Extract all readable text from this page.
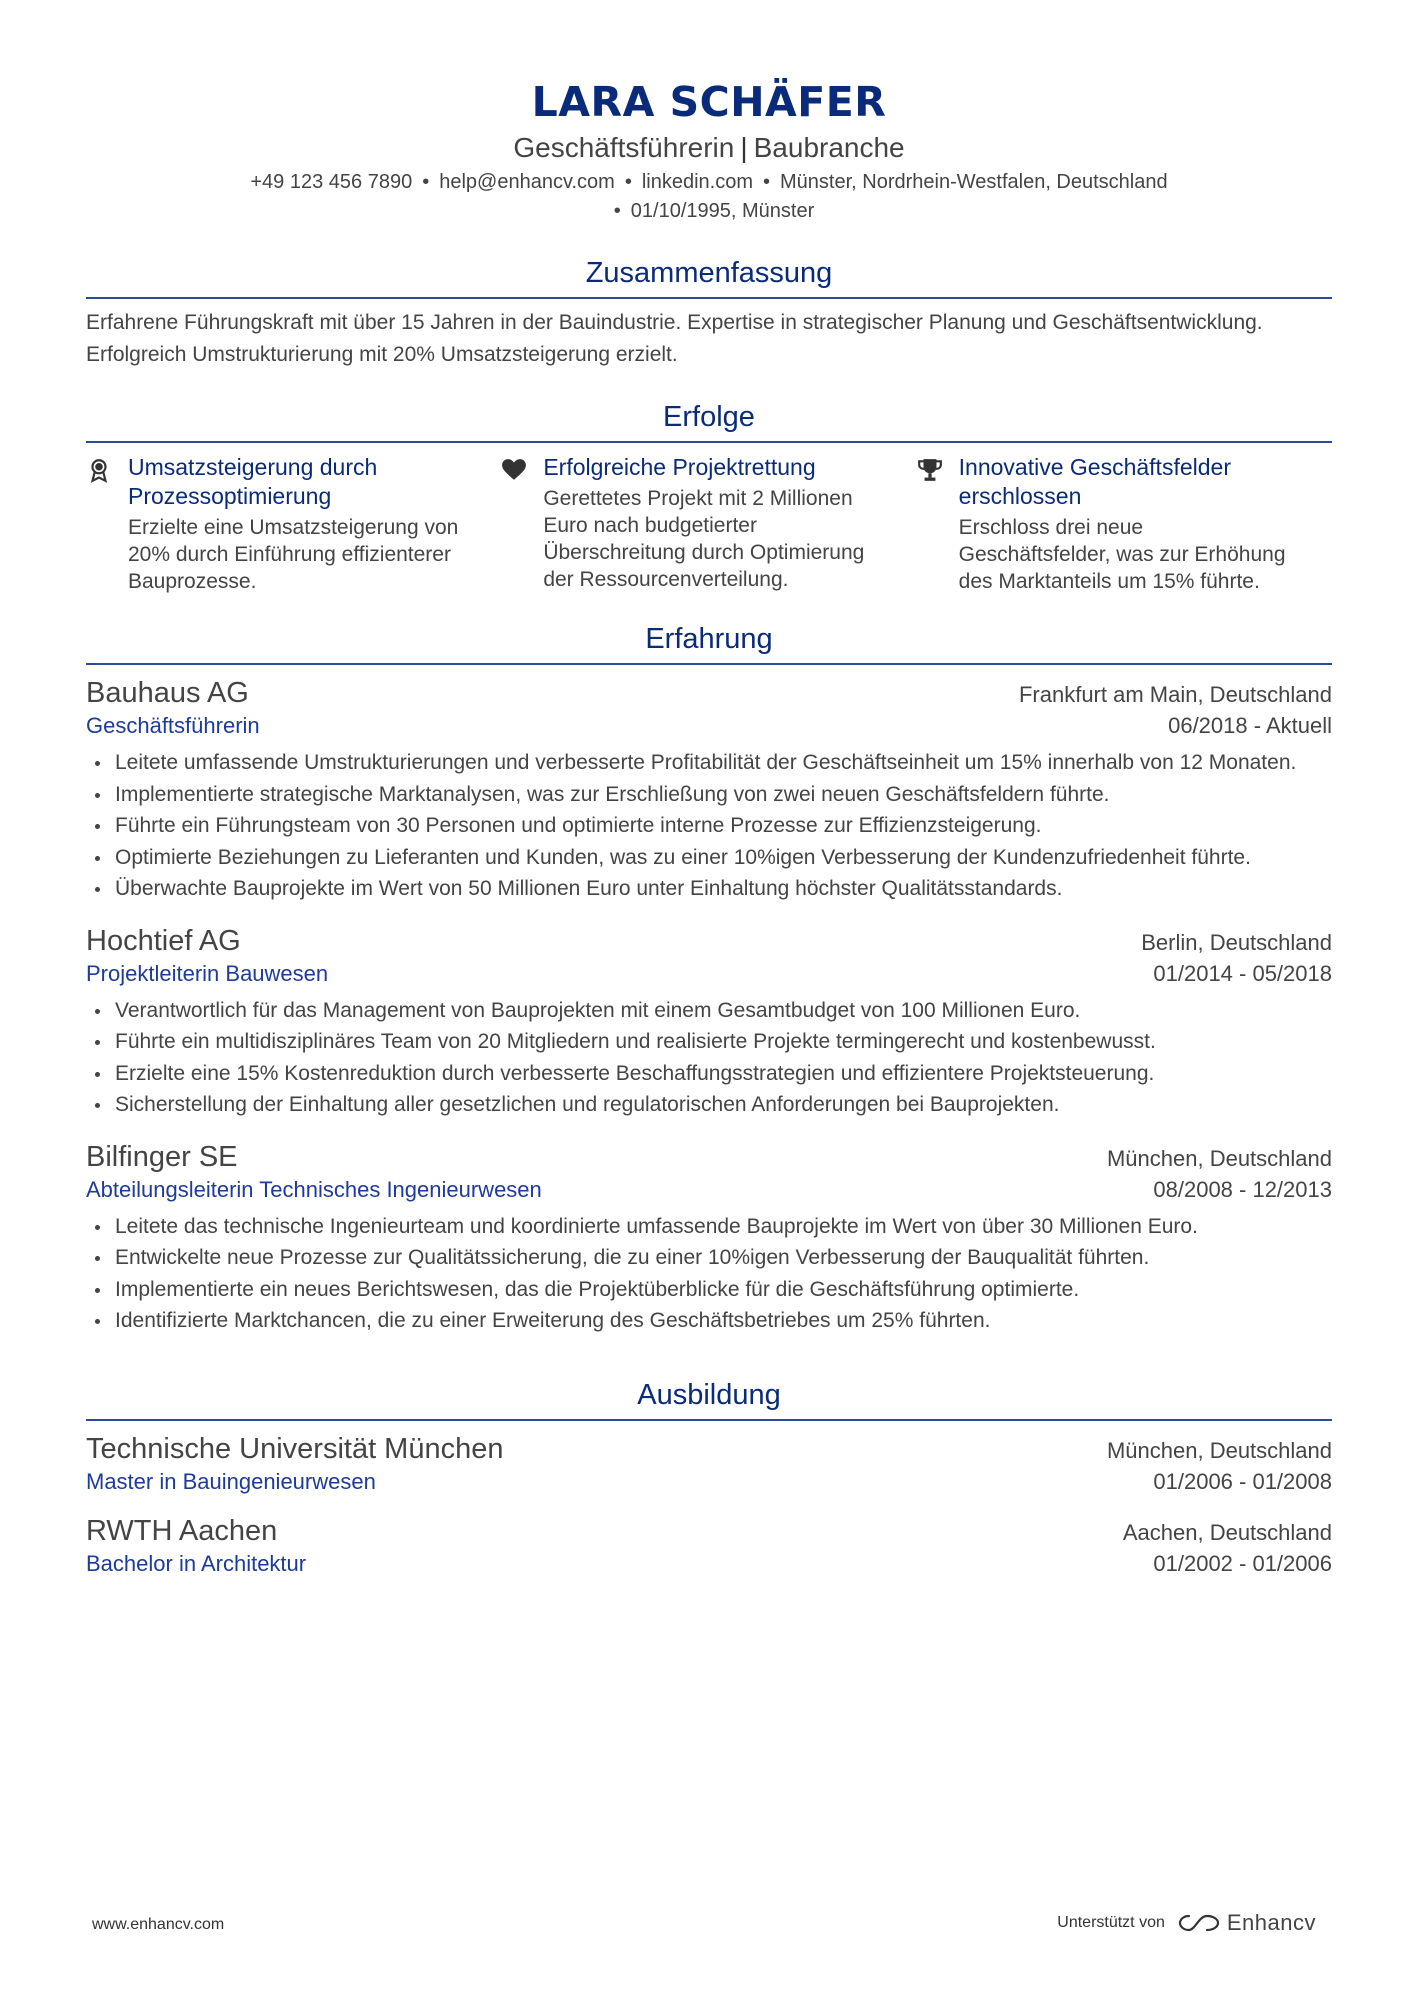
LARA SCHÄFER
Geschäftsführerin | Baubranche
+49 123 456 7890 • help@enhancv.com • linkedin.com • Münster, Nordrhein-Westfalen, Deutschland
• 01/10/1995, Münster
Zusammenfassung
Erfahrene Führungskraft mit über 15 Jahren in der Bauindustrie. Expertise in strategischer Planung und Geschäftsentwicklung. Erfolgreich Umstrukturierung mit 20% Umsatzsteigerung erzielt.
Erfolge
Umsatzsteigerung durch Prozessoptimierung
Erzielte eine Umsatzsteigerung von 20% durch Einführung effizienterer Bauprozesse.
Erfolgreiche Projektrettung
Gerettetes Projekt mit 2 Millionen Euro nach budgetierter Überschreitung durch Optimierung der Ressourcenverteilung.
Innovative Geschäftsfelder erschlossen
Erschloss drei neue Geschäftsfelder, was zur Erhöhung des Marktanteils um 15% führte.
Erfahrung
Bauhaus AG	Frankfurt am Main, Deutschland
Geschäftsführerin	06/2018 - Aktuell
Leitete umfassende Umstrukturierungen und verbesserte Profitabilität der Geschäftseinheit um 15% innerhalb von 12 Monaten.
Implementierte strategische Marktanalysen, was zur Erschließung von zwei neuen Geschäftsfeldern führte.
Führte ein Führungsteam von 30 Personen und optimierte interne Prozesse zur Effizienzsteigerung.
Optimierte Beziehungen zu Lieferanten und Kunden, was zu einer 10%igen Verbesserung der Kundenzufriedenheit führte.
Überwachte Bauprojekte im Wert von 50 Millionen Euro unter Einhaltung höchster Qualitätsstandards.
Hochtief AG	Berlin, Deutschland
Projektleiterin Bauwesen	01/2014 - 05/2018
Verantwortlich für das Management von Bauprojekten mit einem Gesamtbudget von 100 Millionen Euro.
Führte ein multidisziplinäres Team von 20 Mitgliedern und realisierte Projekte termingerecht und kostenbewusst.
Erzielte eine 15% Kostenreduktion durch verbesserte Beschaffungsstrategien und effizientere Projektsteuerung.
Sicherstellung der Einhaltung aller gesetzlichen und regulatorischen Anforderungen bei Bauprojekten.
Bilfinger SE	München, Deutschland
Abteilungsleiterin Technisches Ingenieurwesen	08/2008 - 12/2013
Leitete das technische Ingenieurteam und koordinierte umfassende Bauprojekte im Wert von über 30 Millionen Euro.
Entwickelte neue Prozesse zur Qualitätssicherung, die zu einer 10%igen Verbesserung der Bauqualität führten.
Implementierte ein neues Berichtswesen, das die Projektüberblicke für die Geschäftsführung optimierte.
Identifizierte Marktchancen, die zu einer Erweiterung des Geschäftsbetriebes um 25% führten.
Ausbildung
Technische Universität München	München, Deutschland
Master in Bauingenieurwesen	01/2006 - 01/2008
RWTH Aachen	Aachen, Deutschland
Bachelor in Architektur	01/2002 - 01/2006
www.enhancv.com	Unterstützt von	Enhancv
